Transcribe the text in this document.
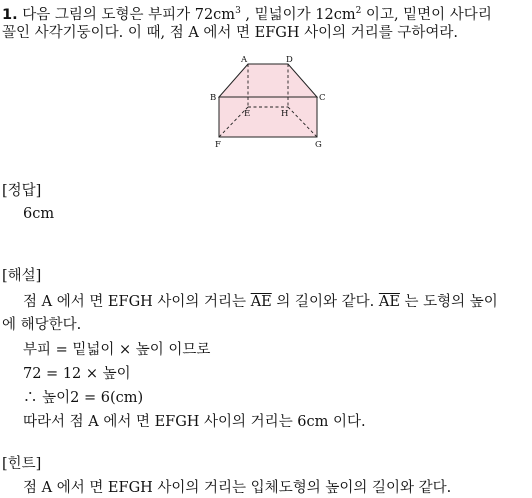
1. 다음 그림의 도형은 부피가 $72cm^3$ , 밑넓이가 $12cm^2$ 이고, 밑면이 사다리
꼴인 사각기둥이다. 이 때, 점 A 에서 면 EFGH 사이의 거리를 구하여라.
A	D
B	C
E	H
F	G
[정답]
6cm
[해설]
점 A 에서 면 EFGH 사이의 거리는 $\overline{AE}$ 의 길이와 같다. $\overline{AE}$ 는 도형의 높이
에 해당한다.
부피 = 밑넓이 × 높이 이므로
72 = 12 × 높이
∴ 높이2 = 6(cm)
따라서 점 A 에서 면 EFGH 사이의 거리는 6cm 이다.
[힌트]
점 A 에서 면 EFGH 사이의 거리는 입체도형의 높이의 길이와 같다.
